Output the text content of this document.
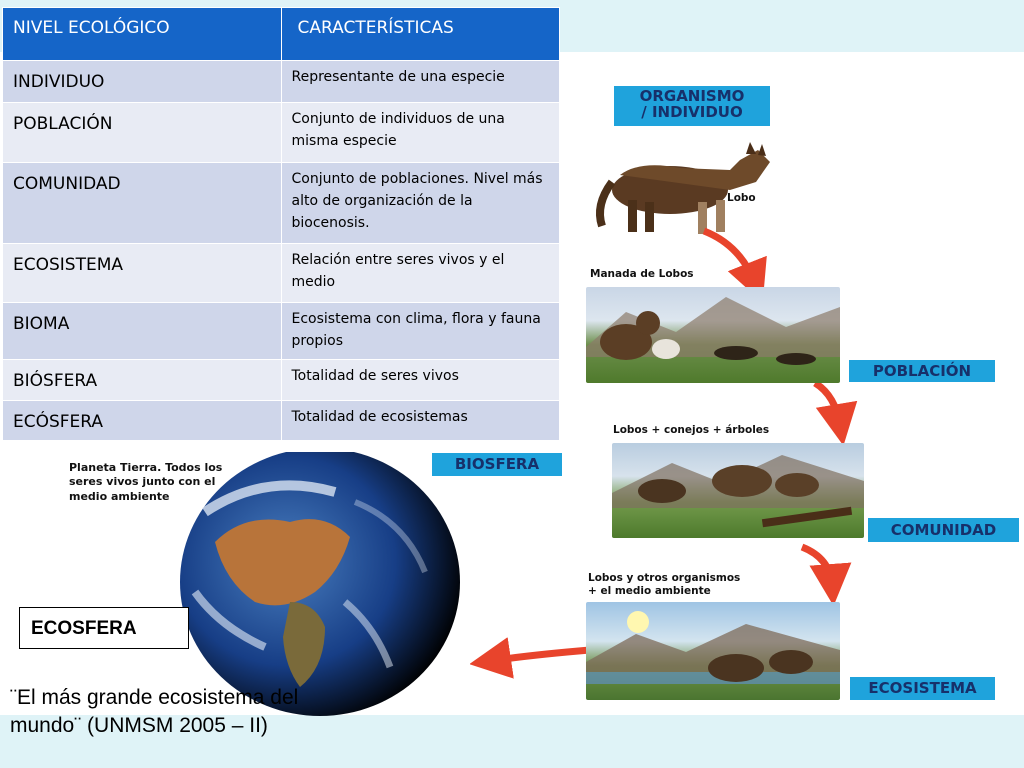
NIVEL ECOLÓGICO	CARACTERÍSTICAS

INDIVIDUO	Representante de una especie

POBLACIÓN	Conjunto de individuos de una misma especie

COMUNIDAD	Conjunto de poblaciones. Nivel más alto de organización de la biocenosis.

ECOSISTEMA	Relación entre seres vivos y el medio

BIOMA	Ecosistema con clima, flora y fauna propios

BIÓSFERA	Totalidad de seres vivos

ECÓSFERA	Totalidad de ecosistemas
ORGANISMO
/ INDIVIDUO
Lobo
Manada de Lobos
POBLACIÓN
Lobos + conejos + árboles
COMUNIDAD
Lobos y otros organismos
+ el medio ambiente
ECOSISTEMA
BIOSFERA
Planeta Tierra. Todos los
seres vivos junto con el
medio ambiente
ECOSFERA
¨El más grande ecosistema del
mundo¨ (UNMSM 2005 – II)
